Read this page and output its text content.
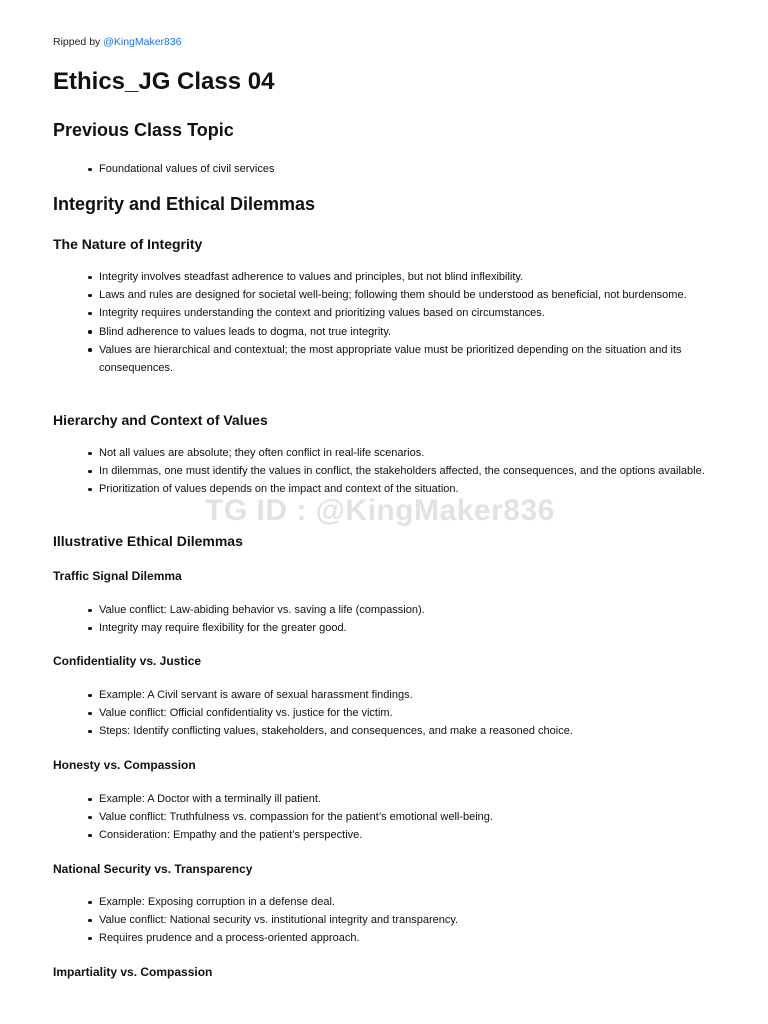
Ripped by @KingMaker836
Ethics_JG Class 04
Previous Class Topic
Foundational values of civil services
Integrity and Ethical Dilemmas
The Nature of Integrity
Integrity involves steadfast adherence to values and principles, but not blind inflexibility.
Laws and rules are designed for societal well-being; following them should be understood as beneficial, not burdensome.
Integrity requires understanding the context and prioritizing values based on circumstances.
Blind adherence to values leads to dogma, not true integrity.
Values are hierarchical and contextual; the most appropriate value must be prioritized depending on the situation and its consequences.
Hierarchy and Context of Values
Not all values are absolute; they often conflict in real-life scenarios.
In dilemmas, one must identify the values in conflict, the stakeholders affected, the consequences, and the options available.
Prioritization of values depends on the impact and context of the situation.
Illustrative Ethical Dilemmas
Traffic Signal Dilemma
Value conflict: Law-abiding behavior vs. saving a life (compassion).
Integrity may require flexibility for the greater good.
Confidentiality vs. Justice
Example: A Civil servant is aware of sexual harassment findings.
Value conflict: Official confidentiality vs. justice for the victim.
Steps: Identify conflicting values, stakeholders, and consequences, and make a reasoned choice.
Honesty vs. Compassion
Example: A Doctor with a terminally ill patient.
Value conflict: Truthfulness vs. compassion for the patient’s emotional well-being.
Consideration: Empathy and the patient’s perspective.
National Security vs. Transparency
Example: Exposing corruption in a defense deal.
Value conflict: National security vs. institutional integrity and transparency.
Requires prudence and a process-oriented approach.
Impartiality vs. Compassion
TG ID : @KingMaker836
